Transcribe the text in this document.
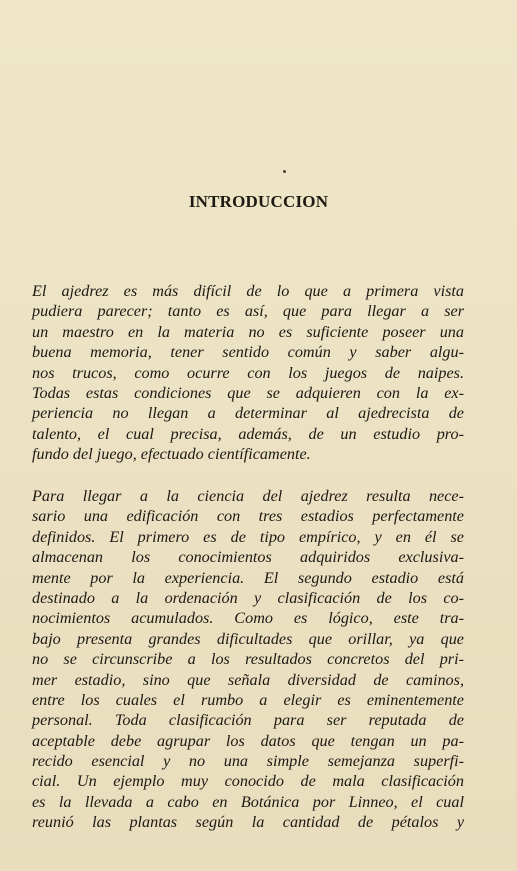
INTRODUCCION

El ajedrez es más difícil de lo que a primera vista
pudiera parecer; tanto es así, que para llegar a ser
un maestro en la materia no es suficiente poseer una
buena memoria, tener sentido común y saber algu-
nos trucos, como ocurre con los juegos de naipes.
Todas estas condiciones que se adquieren con la ex-
periencia no llegan a determinar al ajedrecista de
talento, el cual precisa, además, de un estudio pro-
fundo del juego, efectuado científicamente.

Para llegar a la ciencia del ajedrez resulta nece-
sario una edificación con tres estadios perfectamente
definidos. El primero es de tipo empírico, y en él se
almacenan los conocimientos adquiridos exclusiva-
mente por la experiencia. El segundo estadio está
destinado a la ordenación y clasificación de los co-
nocimientos acumulados. Como es lógico, este tra-
bajo presenta grandes dificultades que orillar, ya que
no se circunscribe a los resultados concretos del pri-
mer estadio, sino que señala diversidad de caminos,
entre los cuales el rumbo a elegir es eminentemente
personal. Toda clasificación para ser reputada de
aceptable debe agrupar los datos que tengan un pa-
recido esencial y no una simple semejanza superfi-
cial. Un ejemplo muy conocido de mala clasificación
es la llevada a cabo en Botánica por Linneo, el cual
reunió las plantas según la cantidad de pétalos y
